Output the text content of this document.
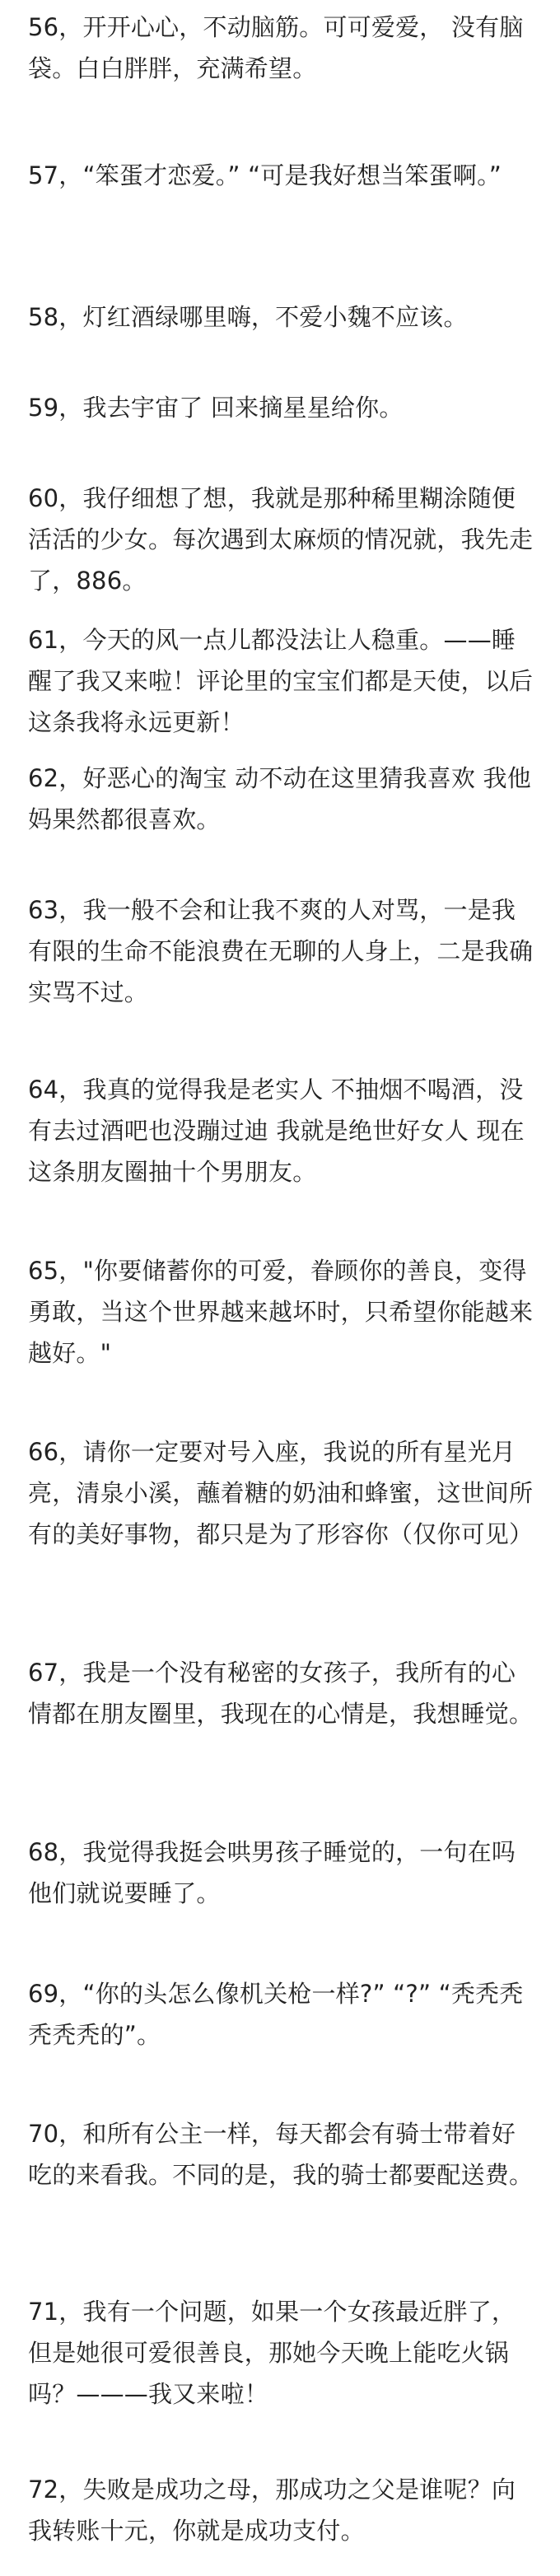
56，开开心心，不动脑筋。可可爱爱， 没有脑袋。白白胖胖，充满希望。
57，“笨蛋才恋爱。” “可是我好想当笨蛋啊。”
58，灯红酒绿哪里嗨，不爱小魏不应该。
59，我去宇宙了 回来摘星星给你。
60，我仔细想了想，我就是那种稀里糊涂随便活活的少女。每次遇到太麻烦的情况就，我先走了，886。
61，今天的风一点儿都没法让人稳重。——睡醒了我又来啦！评论里的宝宝们都是天使，以后这条我将永远更新！
62，好恶心的淘宝 动不动在这里猜我喜欢 我他妈果然都很喜欢。
63，我一般不会和让我不爽的人对骂，一是我有限的生命不能浪费在无聊的人身上，二是我确实骂不过。
64，我真的觉得我是老实人 不抽烟不喝酒，没有去过酒吧也没蹦过迪 我就是绝世好女人 现在这条朋友圈抽十个男朋友。
65，"你要储蓄你的可爱，眷顾你的善良，变得勇敢，当这个世界越来越坏时，只希望你能越来越好。"
66，请你一定要对号入座，我说的所有星光月亮，清泉小溪，蘸着糖的奶油和蜂蜜，这世间所有的美好事物，都只是为了形容你（仅你可见）
67，我是一个没有秘密的女孩子，我所有的心情都在朋友圈里，我现在的心情是，我想睡觉。
68，我觉得我挺会哄男孩子睡觉的，一句在吗他们就说要睡了。
69，“你的头怎么像机关枪一样?” “?” “秃秃秃秃秃秃的”。
70，和所有公主一样，每天都会有骑士带着好吃的来看我。不同的是，我的骑士都要配送费。
71，我有一个问题，如果一个女孩最近胖了，但是她很可爱很善良，那她今天晚上能吃火锅吗？———我又来啦！
72，失败是成功之母，那成功之父是谁呢？向我转账十元，你就是成功支付。
